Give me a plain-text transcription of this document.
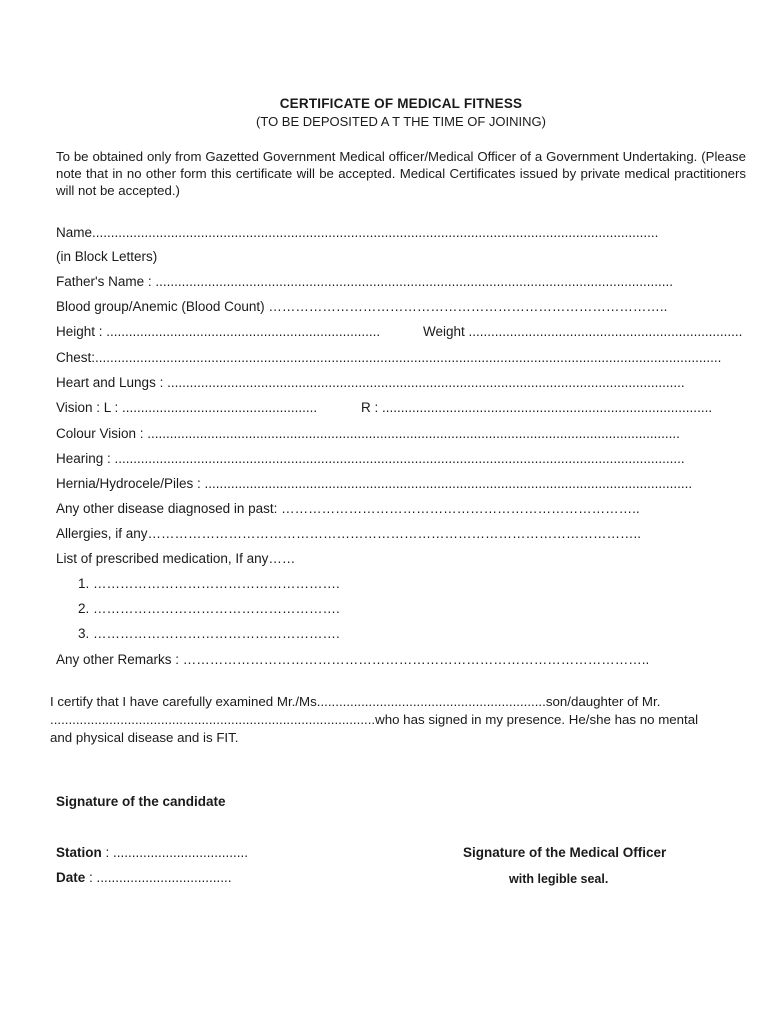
CERTIFICATE OF MEDICAL FITNESS
(TO BE DEPOSITED A T THE TIME OF JOINING)

To be obtained only from Gazetted Government Medical officer/Medical Officer of a Government Undertaking. (Please note that in no other form this certificate will be accepted. Medical Certificates issued by private medical practitioners will not be accepted.)

Name.......................................................................................................................................................
(in Block Letters)
Father's Name : ..........................................................................................................................................
Blood group/Anemic (Blood Count) ……………………………………………………………………………..
Height : .........................................................................	Weight .........................................................................
Chest:.......................................................................................................................................................................
Heart and Lungs : ..........................................................................................................................................
Vision : L : ....................................................	R : ........................................................................................
Colour Vision : ..............................................................................................................................................
Hearing : ........................................................................................................................................................
Hernia/Hydrocele/Piles : ..................................................................................................................................
Any other disease diagnosed in past: ……………………………………………………………………..
Allergies, if any………………………………………………………………………………………………..
List of prescribed medication, If any……
1. ……………………………………………….
2. ……………………………………………….
3. ……………………………………………….
Any other Remarks : …………………………………………………………………………………………..
I certify that I have carefully examined Mr./Ms..............................................................son/daughter of Mr.
........................................................................................who has signed in my presence. He/she has no mental
and physical disease and is FIT.
Signature of the candidate
Station : ....................................
Date : ....................................
Signature of the Medical Officer
with legible seal.
